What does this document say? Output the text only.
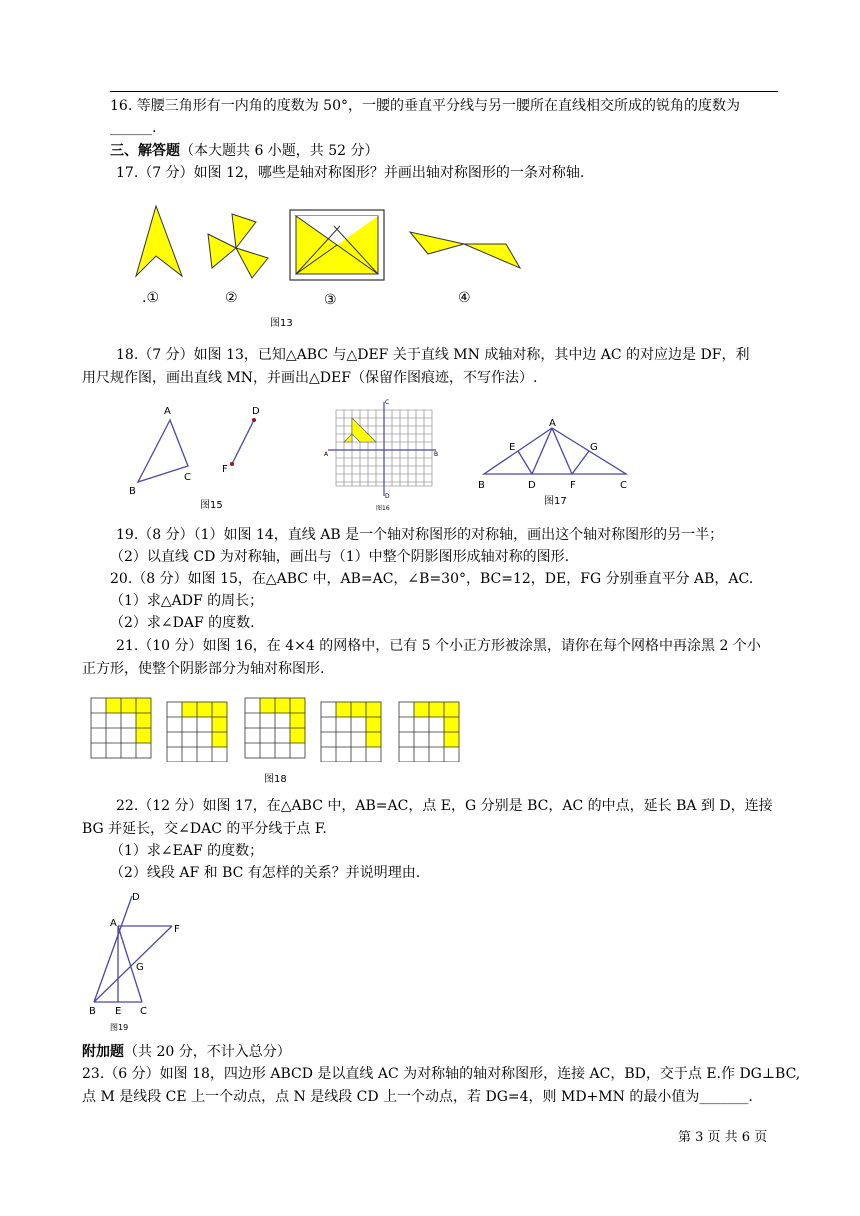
16. 等腰三角形有一内角的度数为 50°，一腰的垂直平分线与另一腰所在直线相交所成的锐角的度数为
______.
三、解答题（本大题共 6 小题，共 52 分）
17.（7 分）如图 12，哪些是轴对称图形？并画出轴对称图形的一条对称轴.
.①	②	③	④
图13
18.（7 分）如图 13，已知△ABC 与△DEF 关于直线 MN 成轴对称，其中边 AC 的对应边是 DF，利
用尺规作图，画出直线 MN，并画出△DEF（保留作图痕迹，不写作法）.
A
B
C
D
F
图15
C
D
A	B
图16
A
B	C
D
E
F
G
图17
19.（8 分）（1）如图 14，直线 AB 是一个轴对称图形的对称轴，画出这个轴对称图形的另一半；
（2）以直线 CD 为对称轴，画出与（1）中整个阴影图形成轴对称的图形.
20.（8 分）如图 15，在△ABC 中，AB=AC，∠B=30°，BC=12，DE，FG 分别垂直平分 AB，AC.
（1）求△ADF 的周长；
（2）求∠DAF 的度数.
21.（10 分）如图 16，在 4×4 的网格中，已有 5 个小正方形被涂黑，请你在每个网格中再涂黑 2 个小
正方形，使整个阴影部分为轴对称图形.
图18
22.（12 分）如图 17，在△ABC 中，AB=AC，点 E，G 分别是 BC，AC 的中点，延长 BA 到 D，连接
BG 并延长，交∠DAC 的平分线于点 F.
（1）求∠EAF 的度数；
（2）线段 AF 和 BC 有怎样的关系？并说明理由.
D
A
F
G
B E C
图19
附加题（共 20 分，不计入总分）
23.（6 分）如图 18，四边形 ABCD 是以直线 AC 为对称轴的轴对称图形，连接 AC，BD，交于点 E.作 DG⊥BC,
点 M 是线段 CE 上一个动点，点 N 是线段 CD 上一个动点，若 DG=4，则 MD+MN 的最小值为_______.
第 3 页 共 6 页
